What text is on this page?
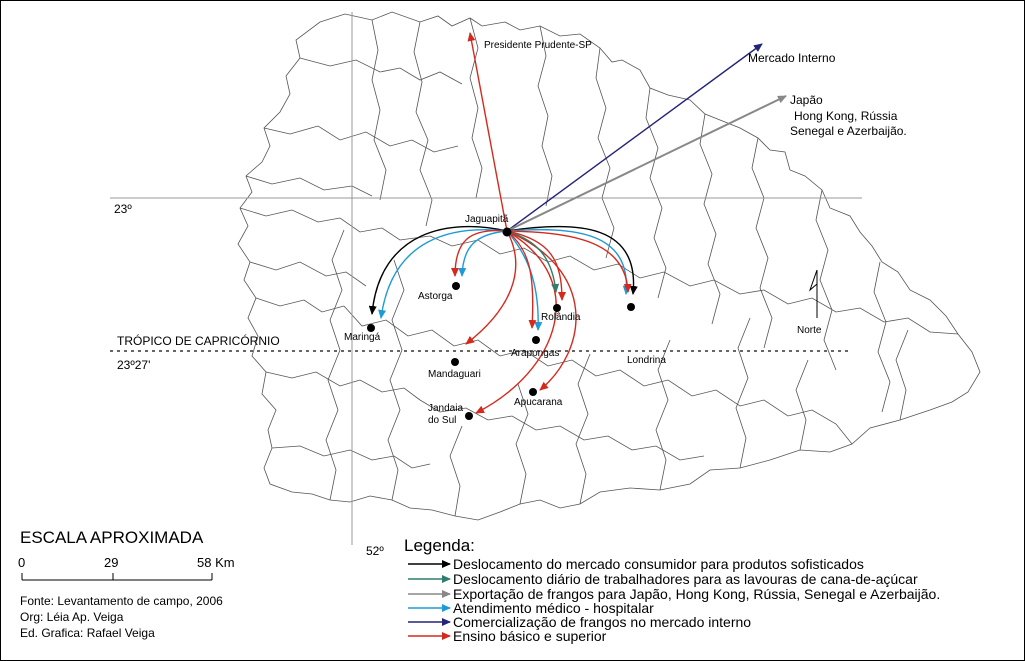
Jaguapitã
Astorga
Maringá
Rolândia
Arapongas
Mandaguari
Londrina
Apucarana
Jandaia
do Sul
Presidente Prudente-SP
Mercado Interno
Japão
Hong Kong, Rússia
Senegal e Azerbaijão.
23º
TRÓPICO DE CAPRICÓRNIO
23º27'
52º
Norte
ESCALA APROXIMADA
0	29	58 Km
Fonte: Levantamento de campo, 2006
Org: Léia Ap. Veiga
Ed. Grafica: Rafael Veiga
Legenda:
Deslocamento do mercado consumidor para produtos sofisticados
Deslocamento diário de trabalhadores para as lavouras de cana-de-açúcar
Exportação de frangos para Japão, Hong Kong, Rússia, Senegal e Azerbaijão.
Atendimento médico - hospitalar
Comercialização de frangos no mercado interno
Ensino básico e superior
